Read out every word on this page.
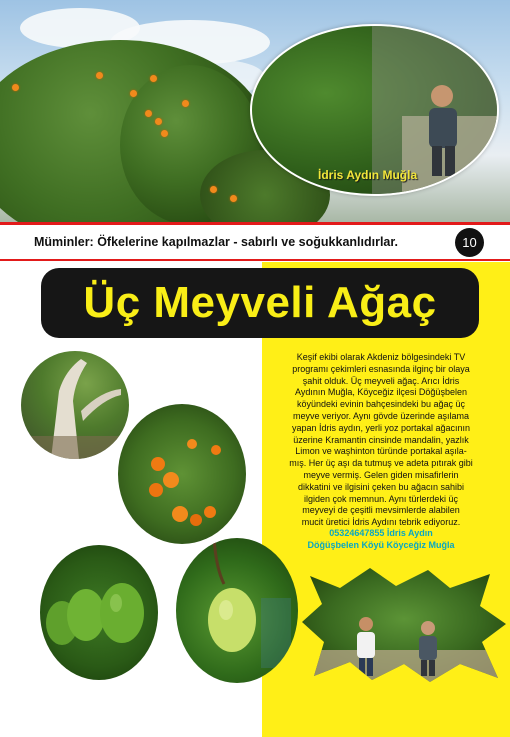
İdris Aydın Muğla
Müminler: Öfkelerine kapılmazlar - sabırlı ve soğukkanlıdırlar.	10
Üç Meyveli Ağaç
Keşif ekibi olarak Akdeniz bölgesindeki TV
programı çekimleri esnasında ilginç bir olaya
şahit olduk. Üç meyveli ağaç. Arıcı İdris
Aydının Muğla, Köyceğiz ilçesi Döğüşbelen
köyündeki evinin bahçesindeki bu ağaç üç
meyve veriyor. Aynı gövde üzerinde aşılama
yapan İdris aydın, yerli yoz portakal ağacının
üzerine Kramantin cinsinde mandalin, yazlık
Limon ve waşhinton türünde portakal aşıla-
mış. Her üç aşı da tutmuş ve adeta pıtırak gibi
meyve vermiş. Gelen giden misafirlerin
dikkatini ve ilgisini çeken bu ağacın sahibi
ilgiden çok memnun. Aynı türlerdeki üç
meyveyi de çeşitli mevsimlerde alabilen
mucit üretici İdris Aydını tebrik ediyoruz.
05324647855 İdris Aydın
Döğüşbelen Köyü Köyceğiz Muğla
